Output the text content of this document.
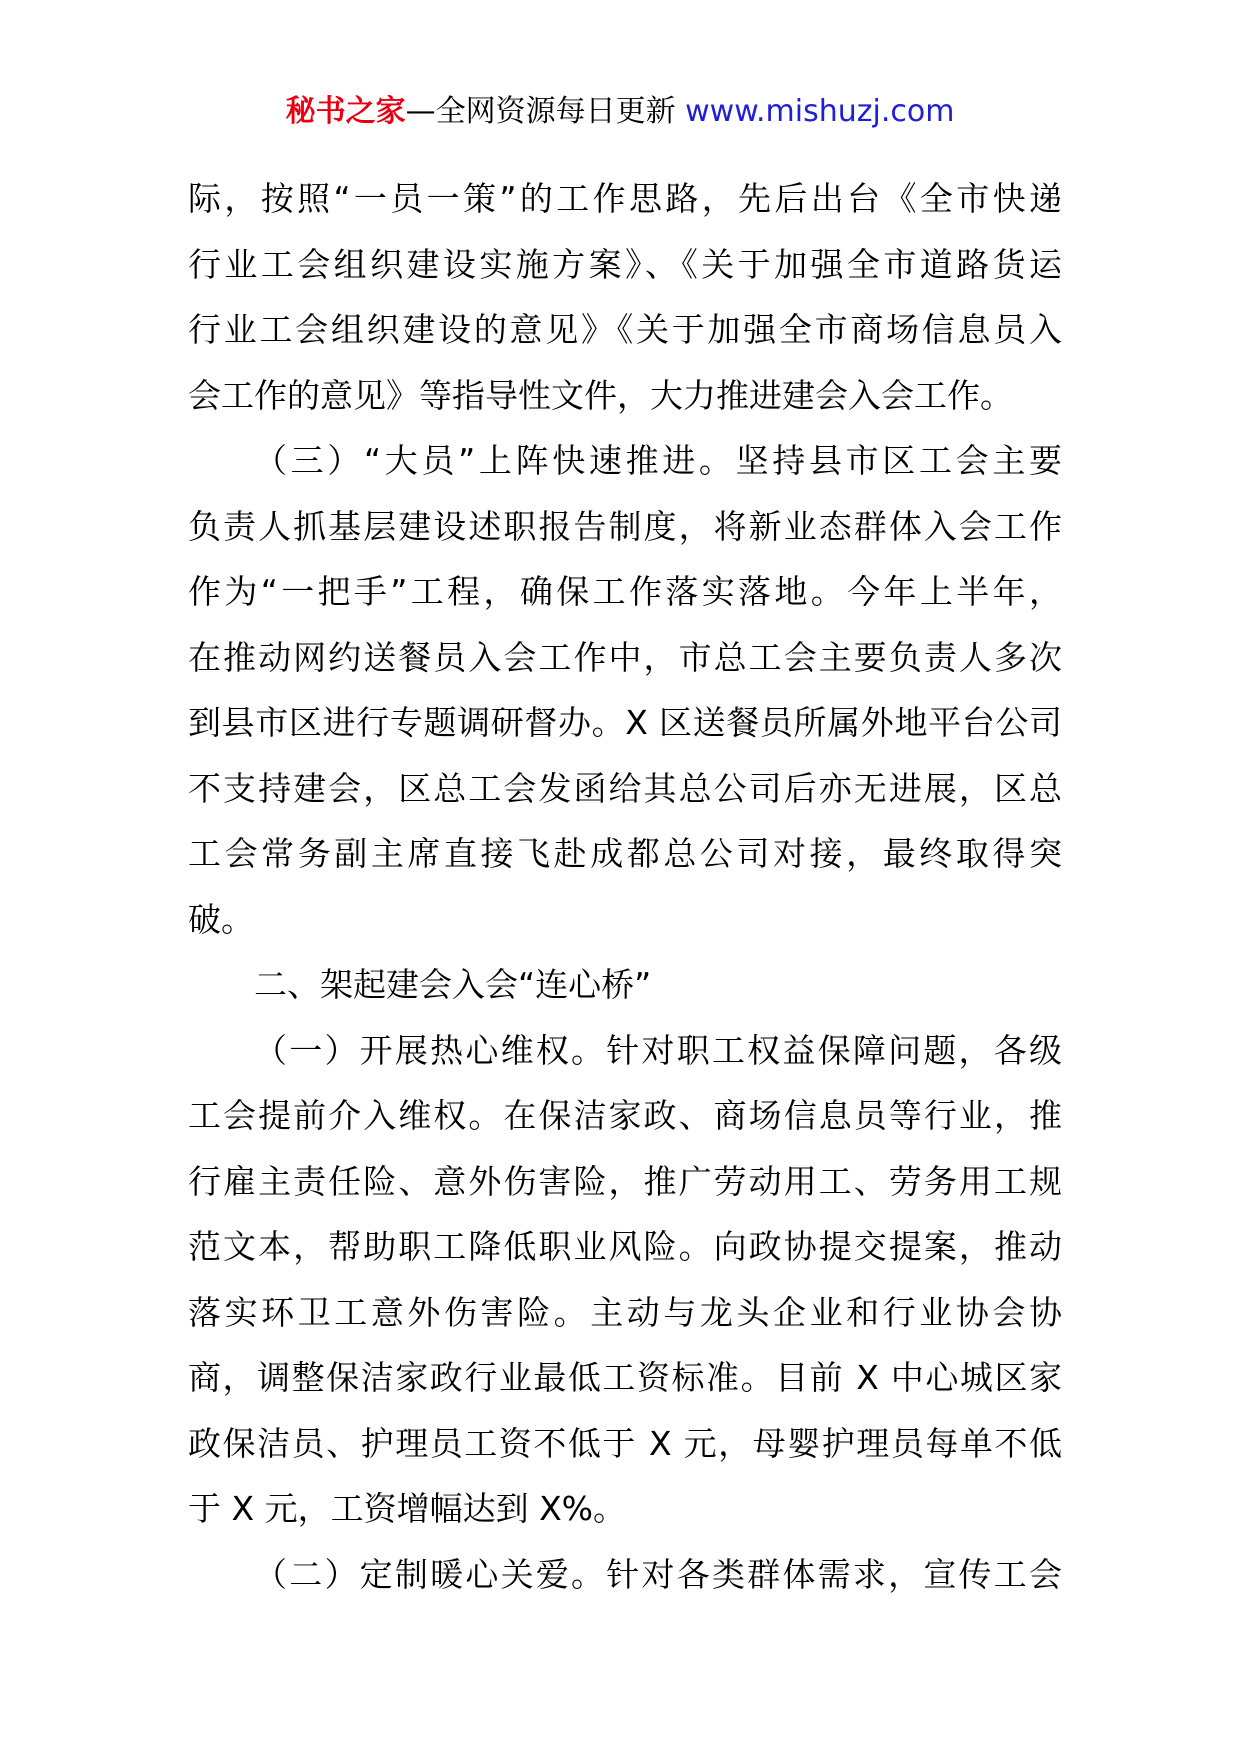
秘书之家—全网资源每日更新 www.mishuzj.com
际，按照“一员一策”的工作思路，先后出台《全市快递
行业工会组织建设实施方案》、《关于加强全市道路货运
行业工会组织建设的意见》《关于加强全市商场信息员入
会工作的意见》等指导性文件，大力推进建会入会工作。
（三）“大员”上阵快速推进。坚持县市区工会主要
负责人抓基层建设述职报告制度，将新业态群体入会工作
作为“一把手”工程，确保工作落实落地。今年上半年，
在推动网约送餐员入会工作中，市总工会主要负责人多次
到县市区进行专题调研督办。X 区送餐员所属外地平台公司
不支持建会，区总工会发函给其总公司后亦无进展，区总
工会常务副主席直接飞赴成都总公司对接，最终取得突
破。
二、架起建会入会“连心桥”
（一）开展热心维权。针对职工权益保障问题，各级
工会提前介入维权。在保洁家政、商场信息员等行业，推
行雇主责任险、意外伤害险，推广劳动用工、劳务用工规
范文本，帮助职工降低职业风险。向政协提交提案，推动
落实环卫工意外伤害险。主动与龙头企业和行业协会协
商，调整保洁家政行业最低工资标准。目前 X 中心城区家
政保洁员、护理员工资不低于 X 元，母婴护理员每单不低
于 X 元，工资增幅达到 X%。
（二）定制暖心关爱。针对各类群体需求，宣传工会
